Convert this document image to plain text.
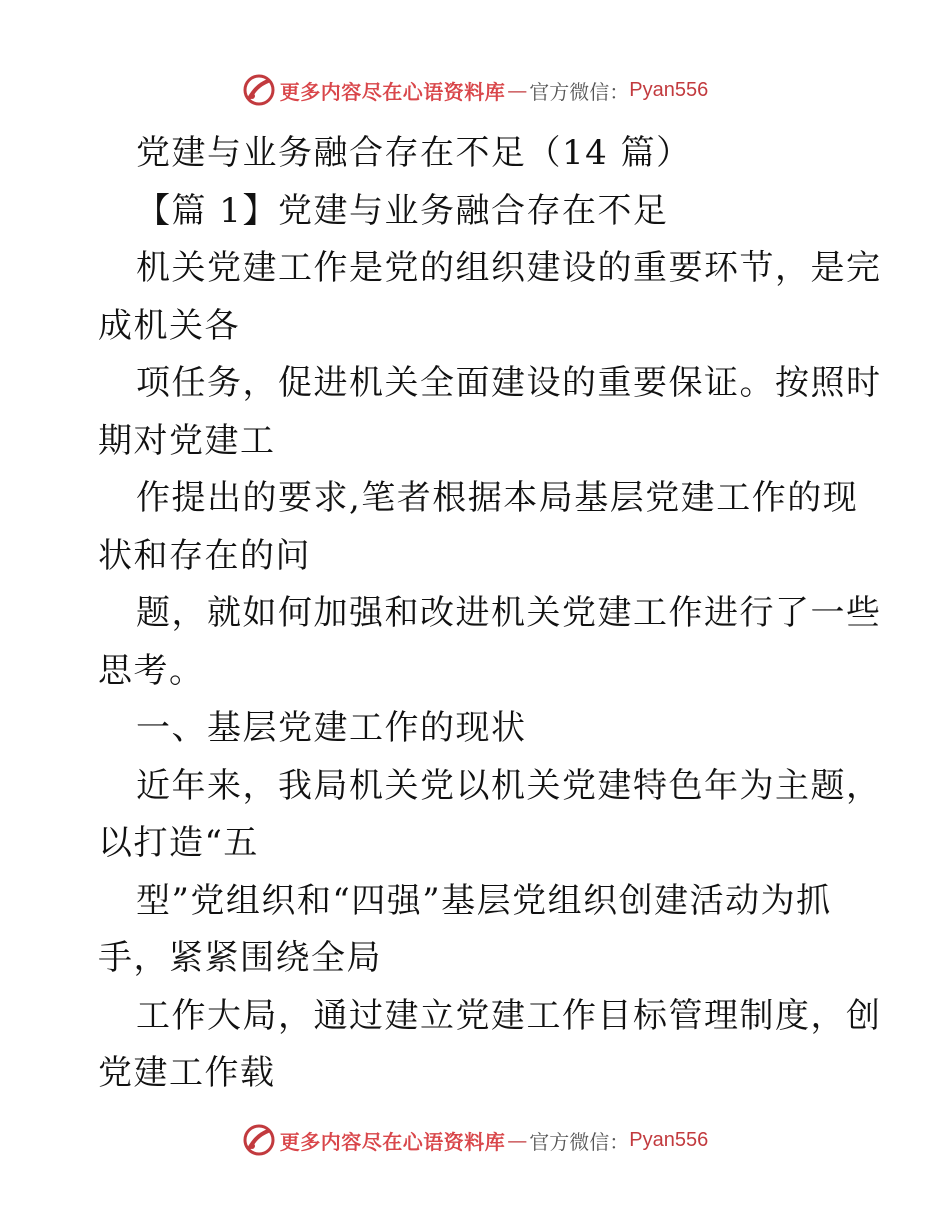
更多内容尽在心语资料库 — 官方微信： Pyan556
党建与业务融合存在不足（14 篇）
【篇 1】党建与业务融合存在不足
机关党建工作是党的组织建设的重要环节，是完
成机关各
项任务，促进机关全面建设的重要保证。按照时
期对党建工
作提出的要求,笔者根据本局基层党建工作的现
状和存在的问
题，就如何加强和改进机关党建工作进行了一些
思考。
一、基层党建工作的现状
近年来，我局机关党以机关党建特色年为主题，
以打造“五
型”党组织和“四强”基层党组织创建活动为抓
手，紧紧围绕全局
工作大局，通过建立党建工作目标管理制度，创
党建工作载
更多内容尽在心语资料库 — 官方微信： Pyan556
